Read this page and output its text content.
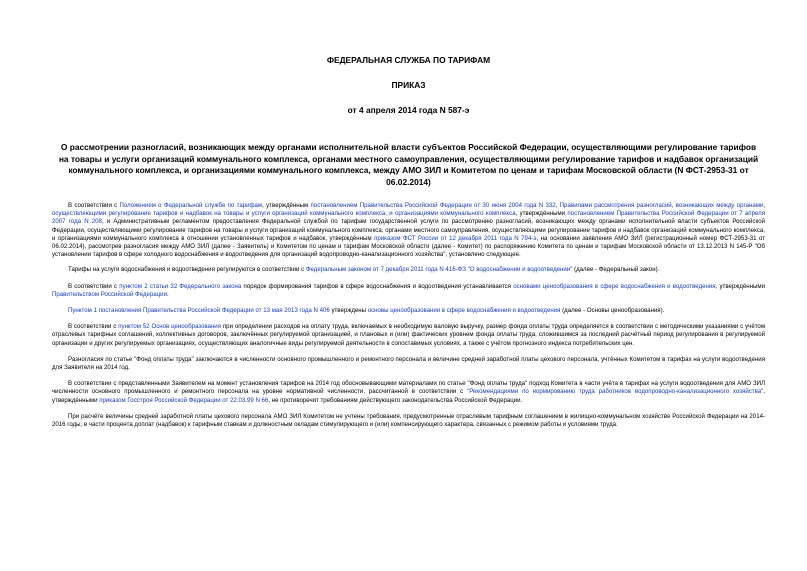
ФЕДЕРАЛЬНАЯ СЛУЖБА ПО ТАРИФАМ

ПРИКАЗ

от 4 апреля 2014 года N 587-э

О рассмотрении разногласий, возникающих между органами исполнительной власти субъектов Российской Федерации, осуществляющими регулирование тарифов на товары и услуги организаций коммунального комплекса, органами местного самоуправления, осуществляющими регулирование тарифов и надбавок организаций коммунального комплекса, и организациями коммунального комплекса, между АМО ЗИЛ и Комитетом по ценам и тарифам Московской области (N ФСТ-2953-31 от 06.02.2014)

В соответствии с Положением о Федеральной службе по тарифам, утверждённым постановлением Правительства Российской Федерации от 30 июня 2004 года N 332, Правилами рассмотрения разногласий, возникающих между органами, осуществляющими регулирование тарифов и надбавок на товары и услуги организаций коммунального комплекса, и организациями коммунального комплекса, утверждёнными постановлением Правительства Российской Федерации от 7 апреля 2007 года N 208, и Административным регламентом предоставления Федеральной службой по тарифам государственной услуги по рассмотрению разногласий, возникающих между органами исполнительной власти субъектов Российской Федерации, осуществляющими регулирование тарифов на товары и услуги организаций коммунального комплекса, органами местного самоуправления, осуществляющими регулирование тарифов и надбавок организаций коммунального комплекса, и организациями коммунального комплекса в отношении установленных тарифов и надбавок, утверждённым приказом ФСТ России от 12 декабря 2011 года N 794-э, на основании заявления АМО ЗИЛ (регистрационный номер ФСТ-2953-31 от 06.02.2014), рассмотрев разногласия между АМО ЗИЛ (далее - Заявитель) и Комитетом по ценам и тарифам Московской области (далее - Комитет) по распоряжению Комитета по ценам и тарифам Московской области от 13.12.2013 N 145-Р "Об установлении тарифов в сфере холодного водоснабжения и водоотведения для организаций водопроводно-канализационного хозяйства", установлено следующее.

Тарифы на услуги водоснабжения и водоотведения регулируются в соответствии с Федеральным законом от 7 декабря 2011 года N 416-ФЗ "О водоснабжении и водоотведении" (далее - Федеральный закон).

В соответствии с пунктом 2 статьи 32 Федерального закона порядок формирования тарифов в сфере водоснабжения и водоотведения устанавливается основами ценообразования в сфере водоснабжения и водоотведения, утверждёнными Правительством Российской Федерации.

Пунктом 1 постановления Правительства Российской Федерации от 13 мая 2013 года N 406 утверждены основы ценообразования в сфере водоснабжения и водоотведения (далее - Основы ценообразования).

В соответствии с пунктом 52 Основ ценообразования при определении расходов на оплату труда, включаемых в необходимую валовую выручку, размер фонда оплаты труда определяется в соответствии с методическими указаниями с учётом отраслевых тарифных соглашений, коллективных договоров, заключённых регулируемой организацией, и плановых и (или) фактических уровнем фонда оплаты труда, сложившимся за последний расчётный период регулирования в регулируемой организации и других регулируемых организациях, осуществляющих аналогичные виды регулируемой деятельности в сопоставимых условиях, а также с учётом прогнозного индекса потребительских цен.

Разногласия по статье "Фонд оплаты труда" заключаются в численности основного промышленного и ремонтного персонала и величине средней заработной платы цехового персонала, учтённых Комитетом в тарифах на услуги водоотведения для Заявителя на 2014 год.

В соответствии с представленными Заявителем на момент установления тарифов на 2014 год обосновывающими материалами по статье "Фонд оплаты труда" подход Комитета в части учёта в тарифах на услуги водоотведения для АМО ЗИЛ численности основного промышленного и ремонтного персонала на уровне нормативной численности, рассчитанной в соответствии с "Рекомендациями по нормированию труда работников водопроводно-канализационного хозяйства", утверждёнными приказом Госстроя Российской Федерации от 22.03.99 N 66, не противоречит требованиям действующего законодательства Российской Федерации.

При расчёте величины средней заработной платы цехового персонала АМО ЗИЛ Комитетом не учтены требования, предусмотренные отраслевым тарифным соглашением в жилищно-коммунальном хозяйстве Российской Федерации на 2014-2016 годы, в части процента доплат (надбавок) к тарифным ставкам и должностным окладам стимулирующего и (или) компенсирующего характера, связанных с режимом работы и условиями труда.
